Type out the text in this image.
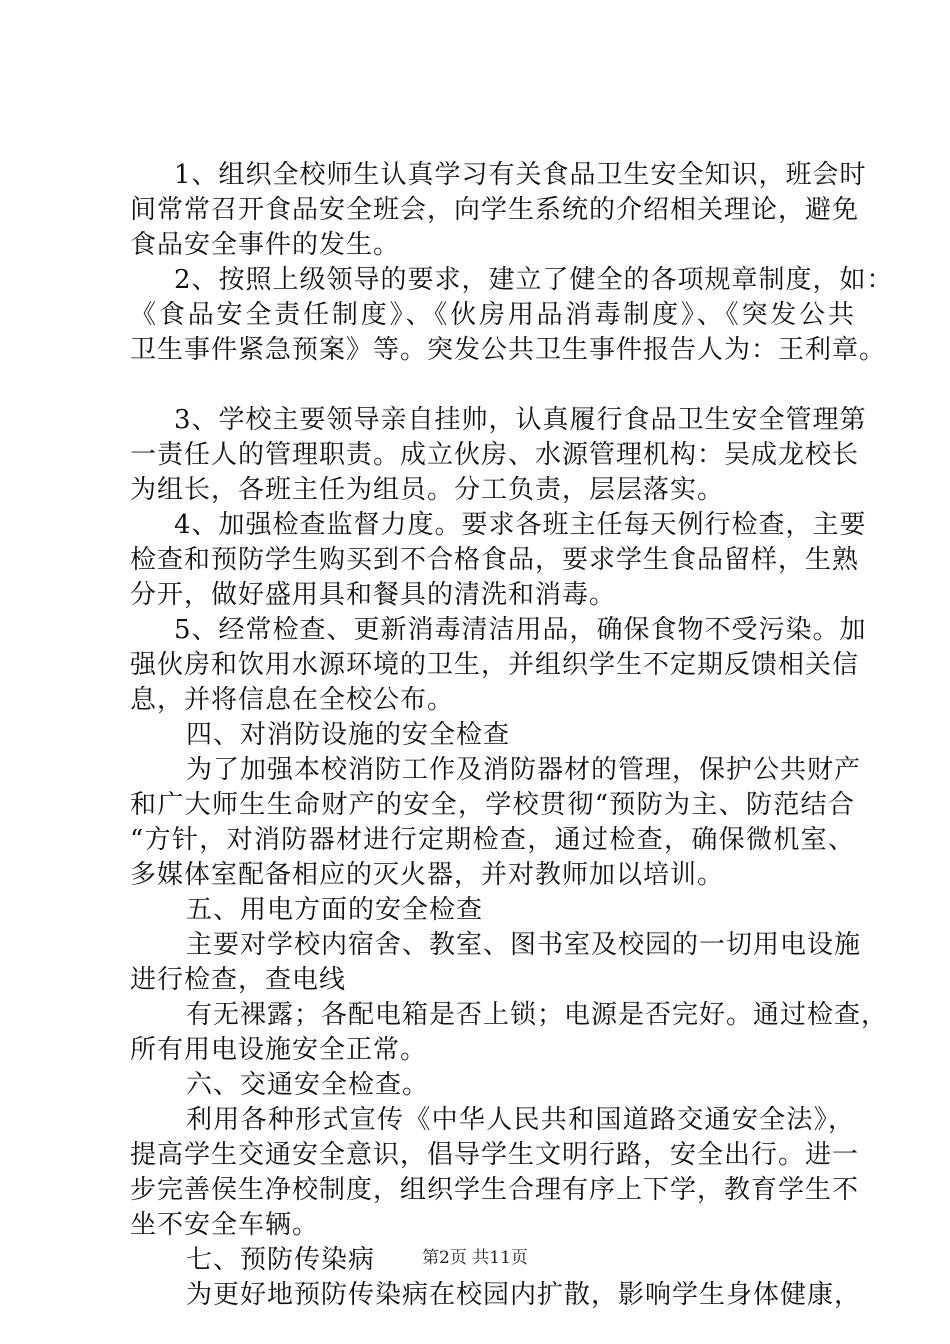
1、组织全校师生认真学习有关食品卫生安全知识，班会时
间常常召开食品安全班会，向学生系统的介绍相关理论，避免
食品安全事件的发生。
2、按照上级领导的要求，建立了健全的各项规章制度，如：
《食品安全责任制度》、《伙房用品消毒制度》、《突发公共
卫生事件紧急预案》等。突发公共卫生事件报告人为：王利章。
3、学校主要领导亲自挂帅，认真履行食品卫生安全管理第
一责任人的管理职责。成立伙房、水源管理机构：吴成龙校长
为组长，各班主任为组员。分工负责，层层落实。
4、加强检查监督力度。要求各班主任每天例行检查，主要
检查和预防学生购买到不合格食品，要求学生食品留样，生熟
分开，做好盛用具和餐具的清洗和消毒。
5、经常检查、更新消毒清洁用品，确保食物不受污染。加
强伙房和饮用水源环境的卫生，并组织学生不定期反馈相关信
息，并将信息在全校公布。
四、对消防设施的安全检查
为了加强本校消防工作及消防器材的管理，保护公共财产
和广大师生生命财产的安全，学校贯彻“预防为主、防范结合
“方针，对消防器材进行定期检查，通过检查，确保微机室、
多媒体室配备相应的灭火器，并对教师加以培训。
五、用电方面的安全检查
主要对学校内宿舍、教室、图书室及校园的一切用电设施
进行检查，查电线
有无裸露；各配电箱是否上锁；电源是否完好。通过检查，
所有用电设施安全正常。
六、交通安全检查。
利用各种形式宣传《中华人民共和国道路交通安全法》，
提高学生交通安全意识，倡导学生文明行路，安全出行。进一
步完善侯生净校制度，组织学生合理有序上下学，教育学生不
坐不安全车辆。
七、预防传染病
为更好地预防传染病在校园内扩散，影响学生身体健康，
第2页 共11页
